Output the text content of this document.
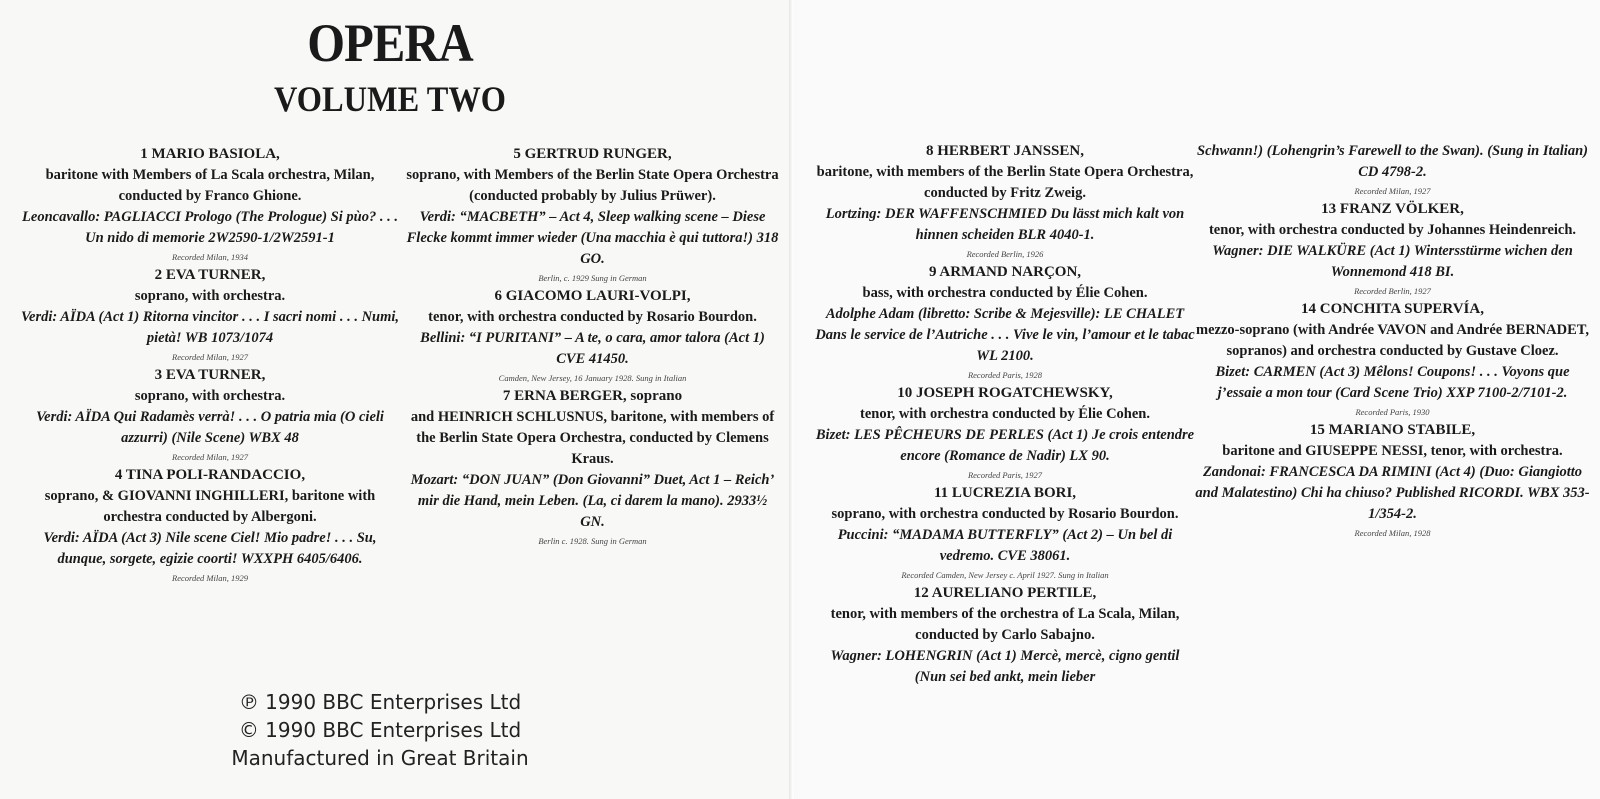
OPERA
VOLUME TWO
1 MARIO BASIOLA,
baritone with Members of La Scala orchestra, Milan, conducted by Franco Ghione.
Leoncavallo: PAGLIACCI Prologo (The Prologue) Si pùo? . . . Un nido di memorie 2W2590-1/2W2591-1
Recorded Milan, 1934
2 EVA TURNER,
soprano, with orchestra.
Verdi: AÏDA (Act 1) Ritorna vincitor . . . I sacri nomi . . . Numi, pietà! WB 1073/1074
Recorded Milan, 1927
3 EVA TURNER,
soprano, with orchestra.
Verdi: AÏDA Qui Radamès verrà! . . . O patria mia (O cieli azzurri) (Nile Scene) WBX 48
Recorded Milan, 1927
4 TINA POLI-RANDACCIO,
soprano, & GIOVANNI INGHILLERI, baritone with orchestra conducted by Albergoni.
Verdi: AÏDA (Act 3) Nile scene Ciel! Mio padre! . . . Su, dunque, sorgete, egizie coorti! WXXPH 6405/6406.
Recorded Milan, 1929
5 GERTRUD RUNGER,
soprano, with Members of the Berlin State Opera Orchestra (conducted probably by Julius Prüwer).
Verdi: “MACBETH” – Act 4, Sleep walking scene – Diese Flecke kommt immer wieder (Una macchia è qui tuttora!) 318 GO.
Berlin, c. 1929 Sung in German
6 GIACOMO LAURI-VOLPI,
tenor, with orchestra conducted by Rosario Bourdon.
Bellini: “I PURITANI” – A te, o cara, amor talora (Act 1) CVE 41450.
Camden, New Jersey, 16 January 1928. Sung in Italian
7 ERNA BERGER, soprano
and HEINRICH SCHLUSNUS, baritone, with members of the Berlin State Opera Orchestra, conducted by Clemens Kraus.
Mozart: “DON JUAN” (Don Giovanni” Duet, Act 1 – Reich’ mir die Hand, mein Leben. (La, ci darem la mano). 2933½ GN.
Berlin c. 1928. Sung in German
℗ 1990 BBC Enterprises Ltd
© 1990 BBC Enterprises Ltd
Manufactured in Great Britain
8 HERBERT JANSSEN,
baritone, with members of the Berlin State Opera Orchestra, conducted by Fritz Zweig.
Lortzing: DER WAFFENSCHMIED Du lässt mich kalt von hinnen scheiden BLR 4040-1.
Recorded Berlin, 1926
9 ARMAND NARÇON,
bass, with orchestra conducted by Élie Cohen.
Adolphe Adam (libretto: Scribe & Mejesville): LE CHALET Dans le service de l’Autriche . . . Vive le vin, l’amour et le tabac WL 2100.
Recorded Paris, 1928
10 JOSEPH ROGATCHEWSKY,
tenor, with orchestra conducted by Élie Cohen.
Bizet: LES PÊCHEURS DE PERLES (Act 1) Je crois entendre encore (Romance de Nadir) LX 90.
Recorded Paris, 1927
11 LUCREZIA BORI,
soprano, with orchestra conducted by Rosario Bourdon.
Puccini: “MADAMA BUTTERFLY” (Act 2) – Un bel di vedremo. CVE 38061.
Recorded Camden, New Jersey c. April 1927. Sung in Italian
12 AURELIANO PERTILE,
tenor, with members of the orchestra of La Scala, Milan, conducted by Carlo Sabajno.
Wagner: LOHENGRIN (Act 1) Mercè, mercè, cigno gentil (Nun sei bed ankt, mein lieber
Schwann!) (Lohengrin’s Farewell to the Swan). (Sung in Italian) CD 4798-2.
Recorded Milan, 1927
13 FRANZ VÖLKER,
tenor, with orchestra conducted by Johannes Heindenreich.
Wagner: DIE WALKÜRE (Act 1) Wintersstürme wichen den Wonnemond 418 BI.
Recorded Berlin, 1927
14 CONCHITA SUPERVÍA,
mezzo-soprano (with Andrée VAVON and Andrée BERNADET, sopranos) and orchestra conducted by Gustave Cloez.
Bizet: CARMEN (Act 3) Mêlons! Coupons! . . . Voyons que j’essaie a mon tour (Card Scene Trio) XXP 7100-2/7101-2.
Recorded Paris, 1930
15 MARIANO STABILE,
baritone and GIUSEPPE NESSI, tenor, with orchestra.
Zandonai: FRANCESCA DA RIMINI (Act 4) (Duo: Giangiotto and Malatestino) Chi ha chiuso? Published RICORDI. WBX 353-1/354-2.
Recorded Milan, 1928
